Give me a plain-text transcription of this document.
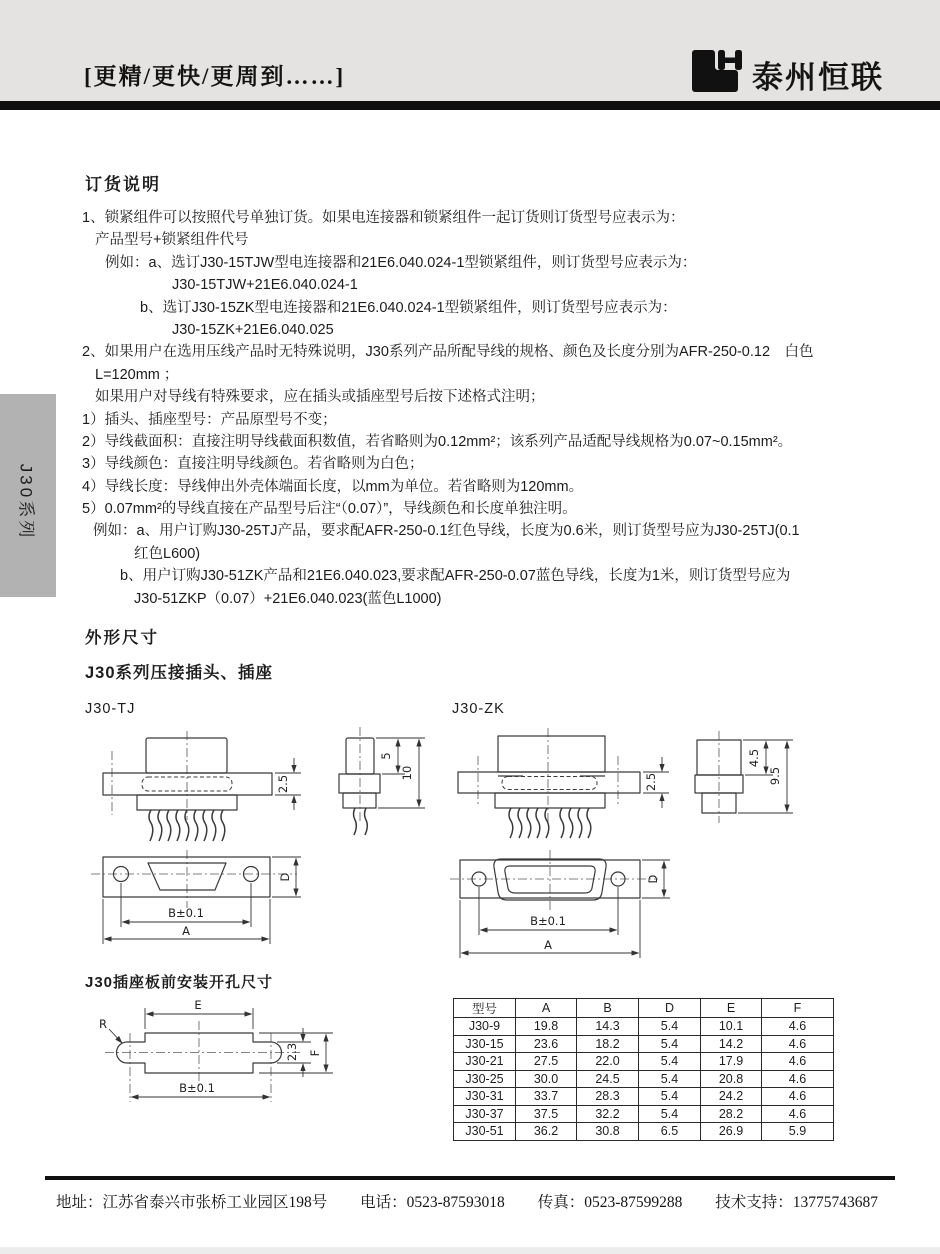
[更精/更快/更周到……]	泰州恒联
J30系列
订货说明
1、锁紧组件可以按照代号单独订货。如果电连接器和锁紧组件一起订货则订货型号应表示为：
产品型号+锁紧组件代号
例如：a、选订J30-15TJW型电连接器和21E6.040.024-1型锁紧组件，则订货型号应表示为：
J30-15TJW+21E6.040.024-1
b、选订J30-15ZK型电连接器和21E6.040.024-1型锁紧组件，则订货型号应表示为：
J30-15ZK+21E6.040.025
2、如果用户在选用压线产品时无特殊说明，J30系列产品所配导线的规格、颜色及长度分别为AFR-250-0.12　白色
L=120mm ；
如果用户对导线有特殊要求，应在插头或插座型号后按下述格式注明；
1）插头、插座型号：产品原型号不变；
2）导线截面积：直接注明导线截面积数值，若省略则为0.12mm²；该系列产品适配导线规格为0.07~0.15mm²。
3）导线颜色：直接注明导线颜色。若省略则为白色；
4）导线长度：导线伸出外壳体端面长度，以mm为单位。若省略则为120mm。
5）0.07mm²的导线直接在产品型号后注“（0.07）”，导线颜色和长度单独注明。
例如：a、用户订购J30-25TJ产品，要求配AFR-250-0.1红色导线，长度为0.6米，则订货型号应为J30-25TJ(0.1
红色L600)
b、用户订购J30-51ZK产品和21E6.040.023,要求配AFR-250-0.07蓝色导线，长度为1米，则订货型号应为
J30-51ZKP（0.07）+21E6.040.023(蓝色L1000)
外形尺寸
J30系列压接插头、插座
J30-TJ	J30-ZK
2.5
5
10	2.5
4.5
9.5
B±0.1
A
D
B±0.1
A
D
J30插座板前安装开孔尺寸
E
R
2.3 F
B±0.1
型号	A	B	D	E	F
J30-9	19.8	14.3	5.4	10.1	4.6
J30-15	23.6	18.2	5.4	14.2	4.6
J30-21	27.5	22.0	5.4	17.9	4.6
J30-25	30.0	24.5	5.4	20.8	4.6
J30-31	33.7	28.3	5.4	24.2	4.6
J30-37	37.5	32.2	5.4	28.2	4.6
J30-51	36.2	30.8	6.5	26.9	5.9
地址：江苏省泰兴市张桥工业园区198号 电话：0523-87593018 传真：0523-87599288 技术支持：13775743687
